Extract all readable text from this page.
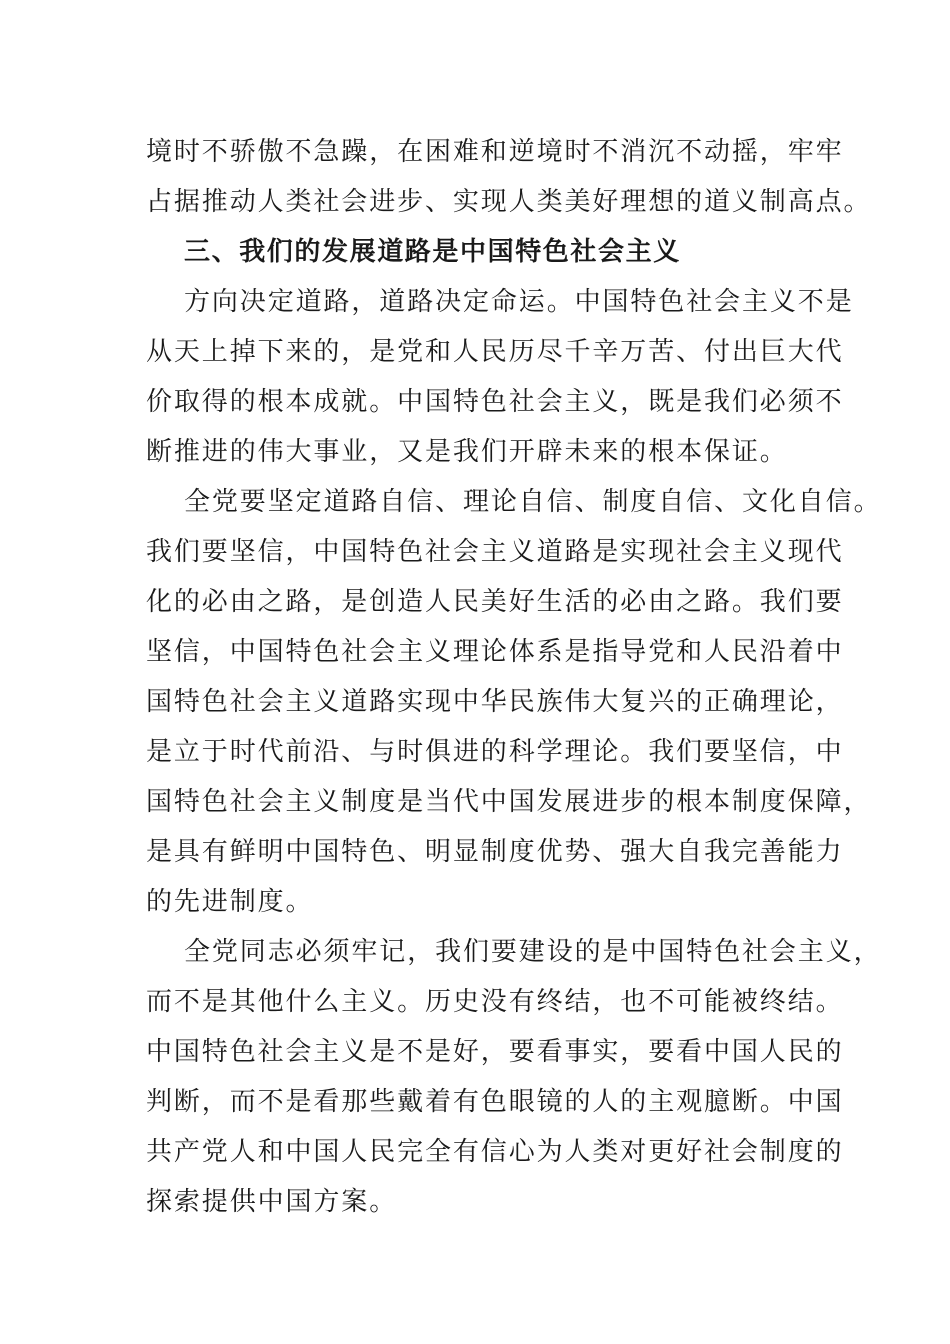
境时不骄傲不急躁，在困难和逆境时不消沉不动摇，牢牢
占据推动人类社会进步、实现人类美好理想的道义制高点。
三、我们的发展道路是中国特色社会主义
方向决定道路，道路决定命运。中国特色社会主义不是
从天上掉下来的，是党和人民历尽千辛万苦、付出巨大代
价取得的根本成就。中国特色社会主义，既是我们必须不
断推进的伟大事业，又是我们开辟未来的根本保证。
全党要坚定道路自信、理论自信、制度自信、文化自信。
我们要坚信，中国特色社会主义道路是实现社会主义现代
化的必由之路，是创造人民美好生活的必由之路。我们要
坚信，中国特色社会主义理论体系是指导党和人民沿着中
国特色社会主义道路实现中华民族伟大复兴的正确理论，
是立于时代前沿、与时俱进的科学理论。我们要坚信，中
国特色社会主义制度是当代中国发展进步的根本制度保障，
是具有鲜明中国特色、明显制度优势、强大自我完善能力
的先进制度。
全党同志必须牢记，我们要建设的是中国特色社会主义，
而不是其他什么主义。历史没有终结，也不可能被终结。
中国特色社会主义是不是好，要看事实，要看中国人民的
判断，而不是看那些戴着有色眼镜的人的主观臆断。中国
共产党人和中国人民完全有信心为人类对更好社会制度的
探索提供中国方案。
